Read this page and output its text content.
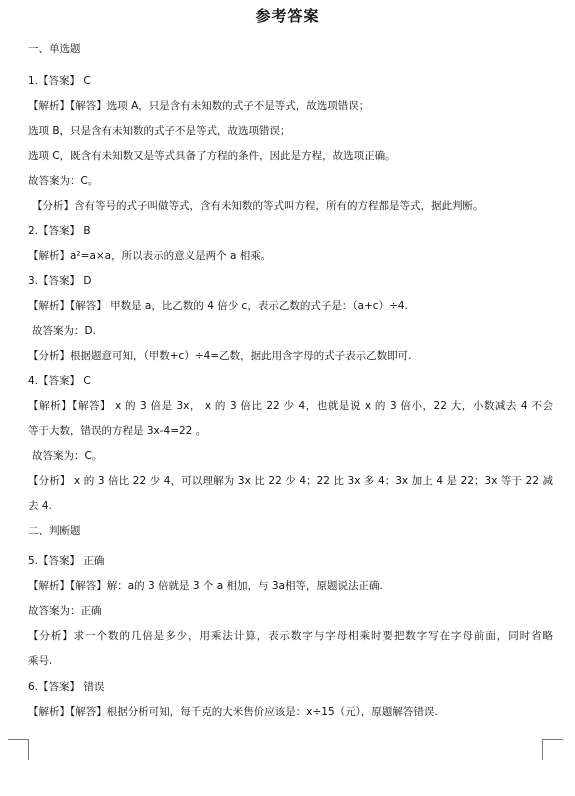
参考答案
一、单选题
1.【答案】 C
【解析】【解答】选项 A，只是含有未知数的式子不是等式，故选项错误；
选项 B，只是含有未知数的式子不是等式，故选项错误；
选项 C，既含有未知数又是等式具备了方程的条件，因此是方程，故选项正确。
故答案为：C。
【分析】含有等号的式子叫做等式，含有未知数的等式叫方程，所有的方程都是等式，据此判断。
2.【答案】 B
【解析】a²=a×a，所以表示的意义是两个 a 相乘。
3.【答案】 D
【解析】【解答】 甲数是 a，比乙数的 4 倍少 c，表示乙数的式子是：（a+c）÷4.
故答案为：D.
【分析】根据题意可知，（甲数+c）÷4=乙数，据此用含字母的式子表示乙数即可.
4.【答案】 C
【解析】【解答】 x 的 3 倍是 3x， x 的 3 倍比 22 少 4，也就是说 x 的 3 倍小，22 大，小数减去 4 不会
等于大数，错误的方程是 3x-4=22 。
故答案为：C。
【分析】 x 的 3 倍比 22 少 4，可以理解为 3x 比 22 少 4；22 比 3x 多 4；3x 加上 4 是 22；3x 等于 22 减
去 4.
二、判断题
5.【答案】 正确
【解析】【解答】解：a的 3 倍就是 3 个 a 相加，与 3a相等，原题说法正确.
故答案为：正确
【分析】求一个数的几倍是多少，用乘法计算，表示数字与字母相乘时要把数字写在字母前面，同时省略
乘号.
6.【答案】 错误
【解析】【解答】根据分析可知，每千克的大米售价应该是：x÷15（元），原题解答错误.
